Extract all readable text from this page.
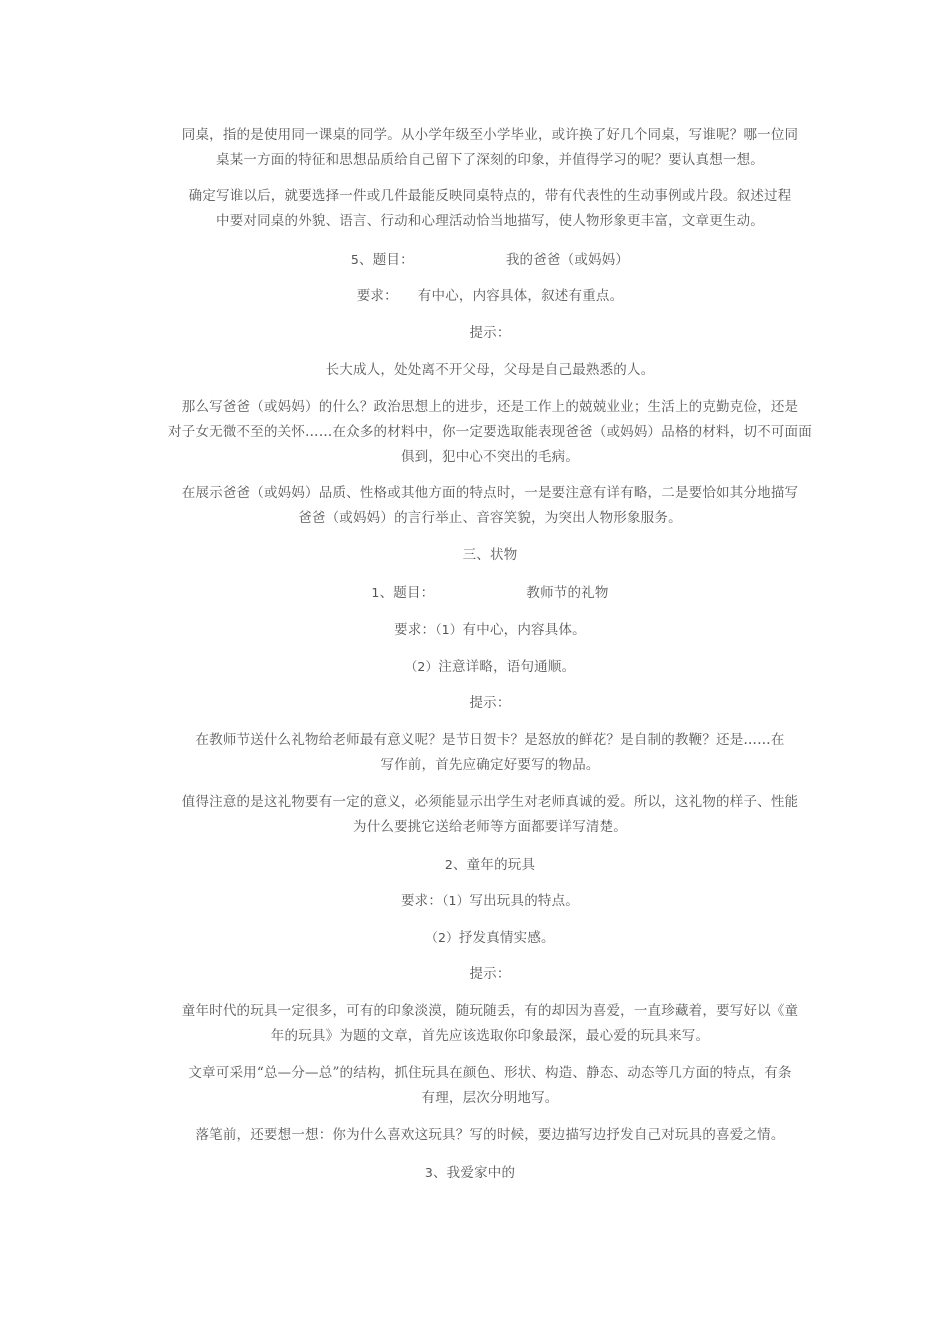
同桌，指的是使用同一课桌的同学。从小学年级至小学毕业，或许换了好几个同桌，写谁呢？哪一位同
桌某一方面的特征和思想品质给自己留下了深刻的印象，并值得学习的呢？要认真想一想。
确定写谁以后，就要选择一件或几件最能反映同桌特点的，带有代表性的生动事例或片段。叙述过程
中要对同桌的外貌、语言、行动和心理活动恰当地描写，使人物形象更丰富，文章更生动。
5、题目：	我的爸爸（或妈妈）
要求： 有中心，内容具体，叙述有重点。
提示：
长大成人，处处离不开父母，父母是自己最熟悉的人。
那么写爸爸（或妈妈）的什么？政治思想上的进步，还是工作上的兢兢业业；生活上的克勤克俭，还是
对子女无微不至的关怀……在众多的材料中，你一定要选取能表现爸爸（或妈妈）品格的材料，切不可面面
俱到，犯中心不突出的毛病。
在展示爸爸（或妈妈）品质、性格或其他方面的特点时，一是要注意有详有略，二是要恰如其分地描写
爸爸（或妈妈）的言行举止、音容笑貌，为突出人物形象服务。
三、状物
1、题目：	教师节的礼物
要求：（1）有中心，内容具体。
（2）注意详略，语句通顺。
提示：
在教师节送什么礼物给老师最有意义呢？是节日贺卡？是怒放的鲜花？是自制的教鞭？还是……在
写作前，首先应确定好要写的物品。
值得注意的是这礼物要有一定的意义，必须能显示出学生对老师真诚的爱。所以，这礼物的样子、性能
为什么要挑它送给老师等方面都要详写清楚。
2、童年的玩具
要求：（1）写出玩具的特点。
（2）抒发真情实感。
提示：
童年时代的玩具一定很多，可有的印象淡漠，随玩随丢，有的却因为喜爱，一直珍藏着，要写好以《童
年的玩具》为题的文章，首先应该选取你印象最深，最心爱的玩具来写。
文章可采用“总—分—总”的结构，抓住玩具在颜色、形状、构造、静态、动态等几方面的特点，有条
有理，层次分明地写。
落笔前，还要想一想：你为什么喜欢这玩具？写的时候，要边描写边抒发自己对玩具的喜爱之情。
3、我爱家中的
